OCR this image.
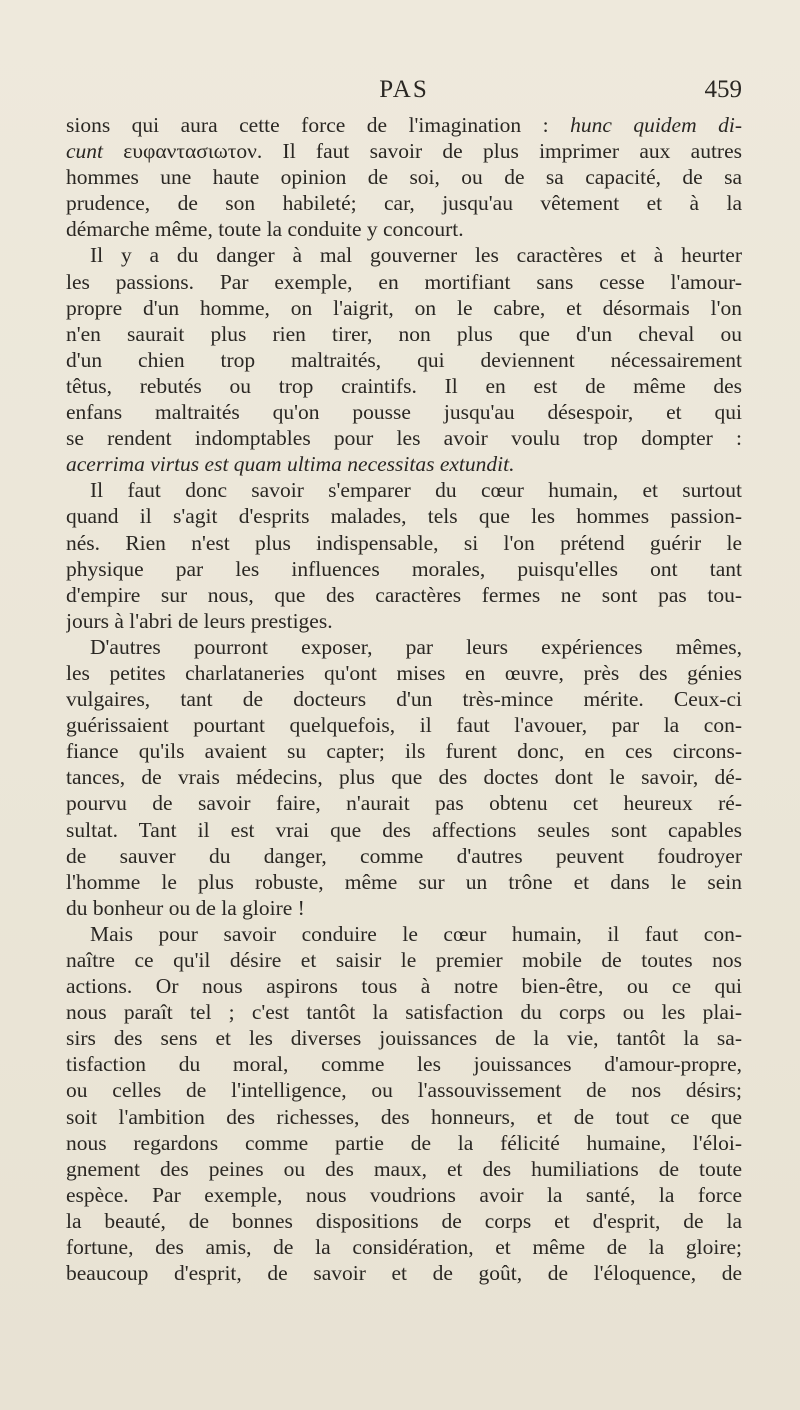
PAS	459
sions qui aura cette force de l'imagination : hunc quidem di-
cunt ευφαντασιωτον. Il faut savoir de plus imprimer aux autres
hommes une haute opinion de soi, ou de sa capacité, de sa
prudence, de son habileté; car, jusqu'au vêtement et à la
démarche même, toute la conduite y concourt.
Il y a du danger à mal gouverner les caractères et à heurter
les passions. Par exemple, en mortifiant sans cesse l'amour-
propre d'un homme, on l'aigrit, on le cabre, et désormais l'on
n'en saurait plus rien tirer, non plus que d'un cheval ou
d'un chien trop maltraités, qui deviennent nécessairement
têtus, rebutés ou trop craintifs. Il en est de même des
enfans maltraités qu'on pousse jusqu'au désespoir, et qui
se rendent indomptables pour les avoir voulu trop dompter :
acerrima virtus est quam ultima necessitas extundit.
Il faut donc savoir s'emparer du cœur humain, et surtout
quand il s'agit d'esprits malades, tels que les hommes passion-
nés. Rien n'est plus indispensable, si l'on prétend guérir le
physique par les influences morales, puisqu'elles ont tant
d'empire sur nous, que des caractères fermes ne sont pas tou-
jours à l'abri de leurs prestiges.
D'autres pourront exposer, par leurs expériences mêmes,
les petites charlataneries qu'ont mises en œuvre, près des génies
vulgaires, tant de docteurs d'un très-mince mérite. Ceux-ci
guérissaient pourtant quelquefois, il faut l'avouer, par la con-
fiance qu'ils avaient su capter; ils furent donc, en ces circons-
tances, de vrais médecins, plus que des doctes dont le savoir, dé-
pourvu de savoir faire, n'aurait pas obtenu cet heureux ré-
sultat. Tant il est vrai que des affections seules sont capables
de sauver du danger, comme d'autres peuvent foudroyer
l'homme le plus robuste, même sur un trône et dans le sein
du bonheur ou de la gloire !
Mais pour savoir conduire le cœur humain, il faut con-
naître ce qu'il désire et saisir le premier mobile de toutes nos
actions. Or nous aspirons tous à notre bien-être, ou ce qui
nous paraît tel ; c'est tantôt la satisfaction du corps ou les plai-
sirs des sens et les diverses jouissances de la vie, tantôt la sa-
tisfaction du moral, comme les jouissances d'amour-propre,
ou celles de l'intelligence, ou l'assouvissement de nos désirs;
soit l'ambition des richesses, des honneurs, et de tout ce que
nous regardons comme partie de la félicité humaine, l'éloi-
gnement des peines ou des maux, et des humiliations de toute
espèce. Par exemple, nous voudrions avoir la santé, la force
la beauté, de bonnes dispositions de corps et d'esprit, de la
fortune, des amis, de la considération, et même de la gloire;
beaucoup d'esprit, de savoir et de goût, de l'éloquence, de
